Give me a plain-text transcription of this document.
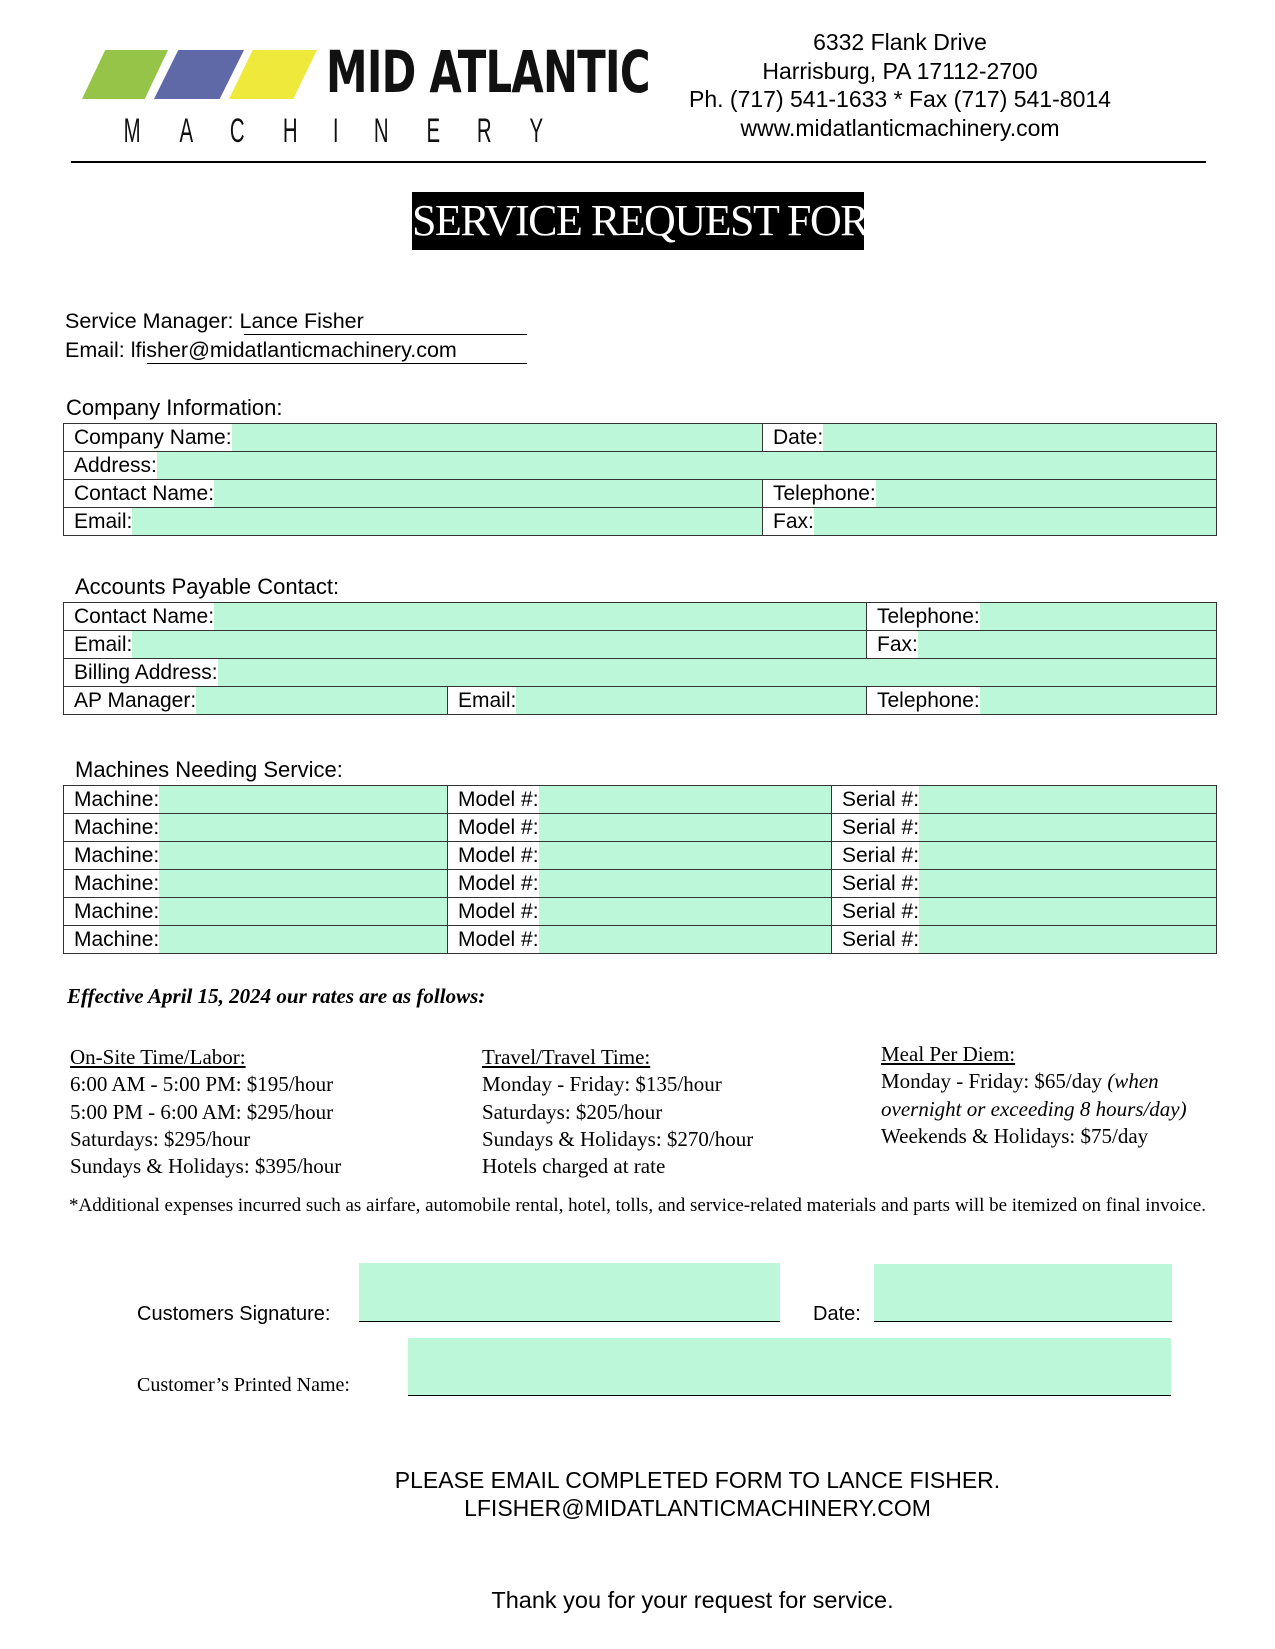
MID ATLANTIC
M A C H I N E R Y
6332 Flank Drive
Harrisburg, PA 17112-2700
Ph. (717) 541-1633 * Fax (717) 541-8014
www.midatlanticmachinery.com
SERVICE REQUEST FORM
Service Manager: Lance Fisher
Email: lfisher@midatlanticmachinery.com
Company Information:
Company Name:	Date:

Address:	

Contact Name:	Telephone:

Email:	Fax:
Accounts Payable Contact:
Contact Name:		Telephone:

Email:		Fax:

Billing Address:		

AP Manager:	Email:	Telephone:
Machines Needing Service:
Machine:	Model #:	Serial #:

Machine:	Model #:	Serial #:

Machine:	Model #:	Serial #:

Machine:	Model #:	Serial #:

Machine:	Model #:	Serial #:

Machine:	Model #:	Serial #:
Effective April 15, 2024 our rates are as follows:
On-Site Time/Labor:
6:00 AM - 5:00 PM: $195/hour
5:00 PM - 6:00 AM: $295/hour
Saturdays: $295/hour
Sundays & Holidays: $395/hour
Travel/Travel Time:
Monday - Friday: $135/hour
Saturdays: $205/hour
Sundays & Holidays: $270/hour
Hotels charged at rate
Meal Per Diem:
Monday - Friday: $65/day (when
overnight or exceeding 8 hours/day)
Weekends & Holidays: $75/day
*Additional expenses incurred such as airfare, automobile rental, hotel, tolls, and service-related materials and parts will be itemized on final invoice.
Customers Signature:	Date:
Customer’s Printed Name:
PLEASE EMAIL COMPLETED FORM TO LANCE FISHER.
LFISHER@MIDATLANTICMACHINERY.COM
Thank you for your request for service.
